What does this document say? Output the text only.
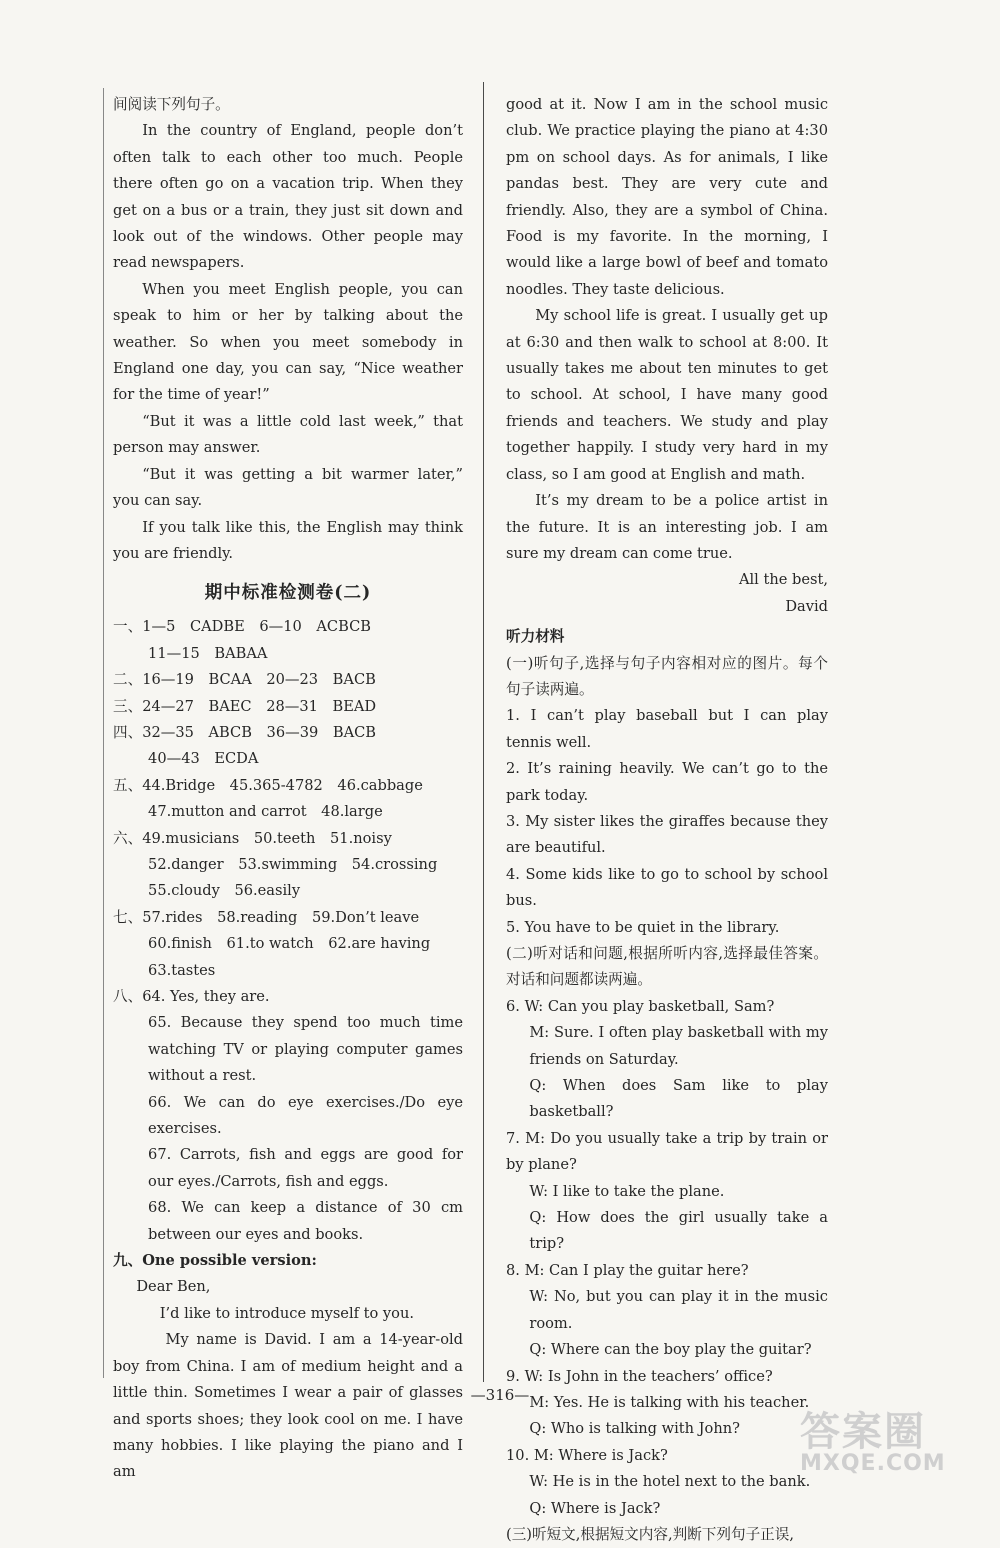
间阅读下列句子。
In the country of England, people don’t often talk to each other too much. People there often go on a vacation trip. When they get on a bus or a train, they just sit down and look out of the windows. Other people may read newspapers.
When you meet English people, you can speak to him or her by talking about the weather. So when you meet somebody in England one day, you can say, “Nice weather for the time of year!”
“But it was a little cold last week,” that person may answer.
“But it was getting a bit warmer later,” you can say.
If you talk like this, the English may think you are friendly.
期中标准检测卷(二)
一、1—5　CADBE　6—10　ACBCB
11—15　BABAA
二、16—19　BCAA　20—23　BACB
三、24—27　BAEC　28—31　BEAD
四、32—35　ABCB　36—39　BACB
40—43　ECDA
五、44.Bridge　45.365-4782　46.cabbage
47.mutton and carrot　48.large
六、49.musicians　50.teeth　51.noisy
52.danger　53.swimming　54.crossing
55.cloudy　56.easily
七、57.rides　58.reading　59.Don’t leave
60.finish　61.to watch　62.are having
63.tastes
八、64. Yes, they are.
65. Because they spend too much time watching TV or playing computer games without a rest.
66. We can do eye exercises./Do eye exercises.
67. Carrots, fish and eggs are good for our eyes./Carrots, fish and eggs.
68. We can keep a distance of 30 cm between our eyes and books.
九、One possible version:
Dear Ben,
I’d like to introduce myself to you.
My name is David. I am a 14-year-old boy from China. I am of medium height and a little thin. Sometimes I wear a pair of glasses and sports shoes; they look cool on me. I have many hobbies. I like playing the piano and I am
good at it. Now I am in the school music club. We practice playing the piano at 4:30 pm on school days. As for animals, I like pandas best. They are very cute and friendly. Also, they are a symbol of China. Food is my favorite. In the morning, I would like a large bowl of beef and tomato noodles. They taste delicious.
My school life is great. I usually get up at 6:30 and then walk to school at 8:00. It usually takes me about ten minutes to get to school. At school, I have many good friends and teachers. We study and play together happily. I study very hard in my class, so I am good at English and math.
It’s my dream to be a police artist in the future. It is an interesting job. I am sure my dream can come true.
All the best,
David
听力材料
(一)听句子,选择与句子内容相对应的图片。每个句子读两遍。
1. I can’t play baseball but I can play tennis well.
2. It’s raining heavily. We can’t go to the park today.
3. My sister likes the giraffes because they are beautiful.
4. Some kids like to go to school by school bus.
5. You have to be quiet in the library.
(二)听对话和问题,根据所听内容,选择最佳答案。对话和问题都读两遍。
6. W: Can you play basketball, Sam?
M: Sure. I often play basketball with my friends on Saturday.
Q: When does Sam like to play basketball?
7. M: Do you usually take a trip by train or by plane?
W: I like to take the plane.
Q: How does the girl usually take a trip?
8. M: Can I play the guitar here?
W: No, but you can play it in the music room.
Q: Where can the boy play the guitar?
9. W: Is John in the teachers’ office?
M: Yes. He is talking with his teacher.
Q: Who is talking with John?
10. M: Where is Jack?
W: He is in the hotel next to the bank.
Q: Where is Jack?
(三)听短文,根据短文内容,判断下列句子正误,
—316—
答案圈
MXQE.COM
